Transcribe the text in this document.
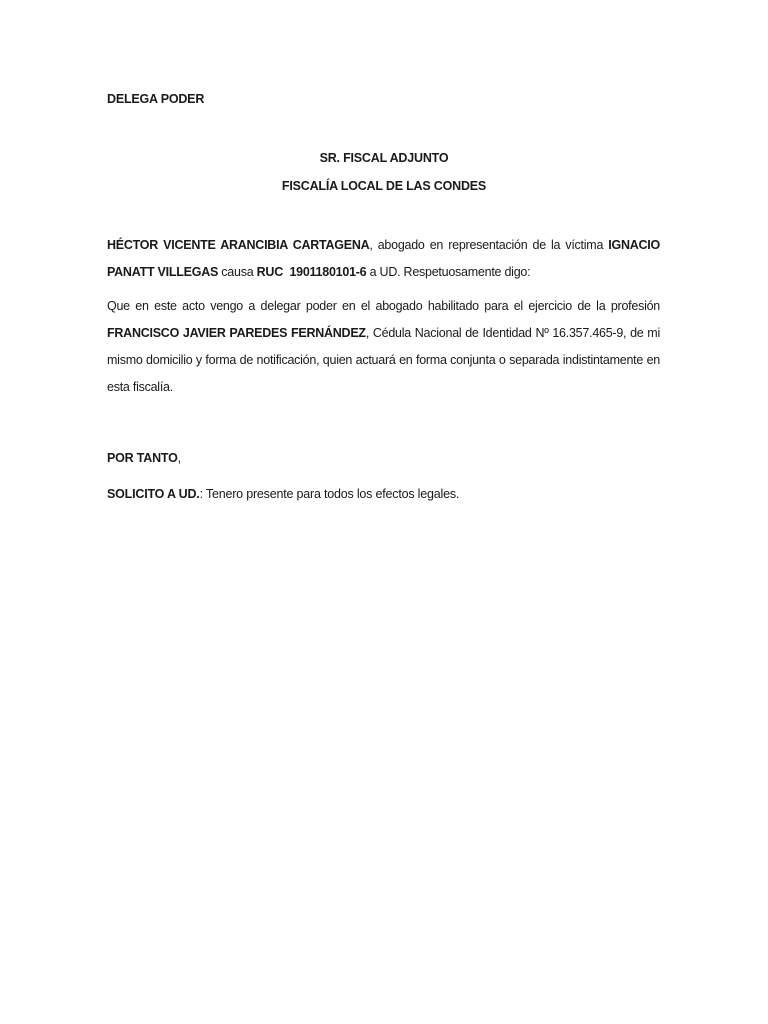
DELEGA PODER
SR. FISCAL ADJUNTO
FISCALÍA LOCAL DE LAS CONDES
HÉCTOR VICENTE ARANCIBIA CARTAGENA, abogado en representación de la víctima IGNACIO PANATT VILLEGAS causa RUC 1901180101-6 a UD. Respetuosamente digo:
Que en este acto vengo a delegar poder en el abogado habilitado para el ejercicio de la profesión FRANCISCO JAVIER PAREDES FERNÁNDEZ, Cédula Nacional de Identidad Nº 16.357.465-9, de mi mismo domicilio y forma de notificación, quien actuará en forma conjunta o separada indistintamente en esta fiscalía.
POR TANTO,
SOLICITO A UD.: Tenero presente para todos los efectos legales.
